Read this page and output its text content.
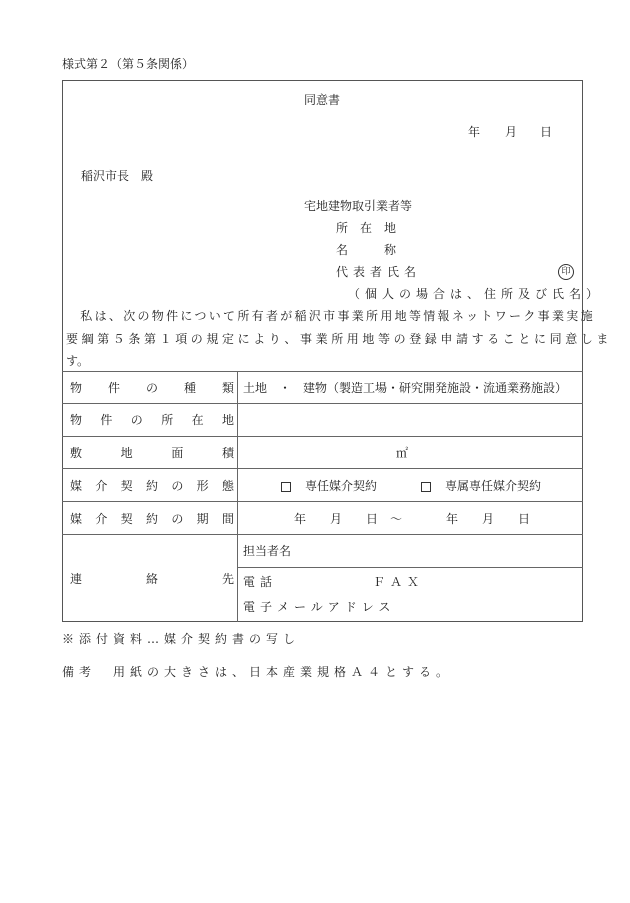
様式第２（第５条関係）
同意書
年 月 日
稲沢市長　殿
宅地建物取引業者等
所　在　地
名　　　称
代表者氏名	印
（個人の場合は、住所及び氏名）
　私は、次の物件について所有者が稲沢市事業所用地等情報ネットワーク事業実施
要綱第５条第１項の規定により、事業所用地等の登録申請することに同意しま
す。
物件の種類 土地　・　建物（製造工場・研究開発施設・流通業務施設）
物件の所在地
敷地面積	㎡
媒介契約の形態	専任媒介契約	専属専任媒介契約
媒介契約の期間	年　　月　　日　～	年　　月　　日
連絡先
担当者名
電話	ＦＡＸ
電子メールアドレス
※添付資料…媒介契約書の写し
備考　用紙の大きさは、日本産業規格Ａ４とする。
